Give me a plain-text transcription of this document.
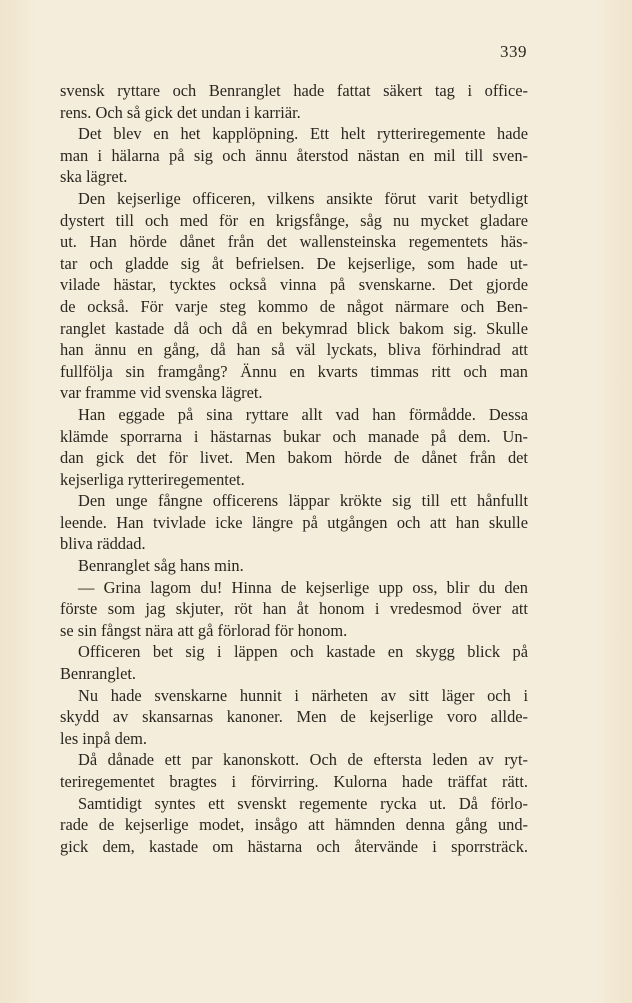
339
svensk ryttare och Benranglet hade fattat säkert tag i office-
rens. Och så gick det undan i karriär.
Det blev en het kapplöpning. Ett helt rytteriregemente hade
man i hälarna på sig och ännu återstod nästan en mil till sven-
ska lägret.
Den kejserlige officeren, vilkens ansikte förut varit betydligt
dystert till och med för en krigsfånge, såg nu mycket gladare
ut. Han hörde dånet från det wallensteinska regementets häs-
tar och gladde sig åt befrielsen. De kejserlige, som hade ut-
vilade hästar, tycktes också vinna på svenskarne. Det gjorde
de också. För varje steg kommo de något närmare och Ben-
ranglet kastade då och då en bekymrad blick bakom sig. Skulle
han ännu en gång, då han så väl lyckats, bliva förhindrad att
fullfölja sin framgång? Ännu en kvarts timmas ritt och man
var framme vid svenska lägret.
Han eggade på sina ryttare allt vad han förmådde. Dessa
klämde sporrarna i hästarnas bukar och manade på dem. Un-
dan gick det för livet. Men bakom hörde de dånet från det
kejserliga rytteriregementet.
Den unge fångne officerens läppar krökte sig till ett hånfullt
leende. Han tvivlade icke längre på utgången och att han skulle
bliva räddad.
Benranglet såg hans min.
— Grina lagom du! Hinna de kejserlige upp oss, blir du den
förste som jag skjuter, röt han åt honom i vredesmod över att
se sin fångst nära att gå förlorad för honom.
Officeren bet sig i läppen och kastade en skygg blick på
Benranglet.
Nu hade svenskarne hunnit i närheten av sitt läger och i
skydd av skansarnas kanoner. Men de kejserlige voro allde-
les inpå dem.
Då dånade ett par kanonskott. Och de eftersta leden av ryt-
teriregementet bragtes i förvirring. Kulorna hade träffat rätt.
Samtidigt syntes ett svenskt regemente rycka ut. Då förlo-
rade de kejserlige modet, insågo att hämnden denna gång und-
gick dem, kastade om hästarna och återvände i sporrsträck.
